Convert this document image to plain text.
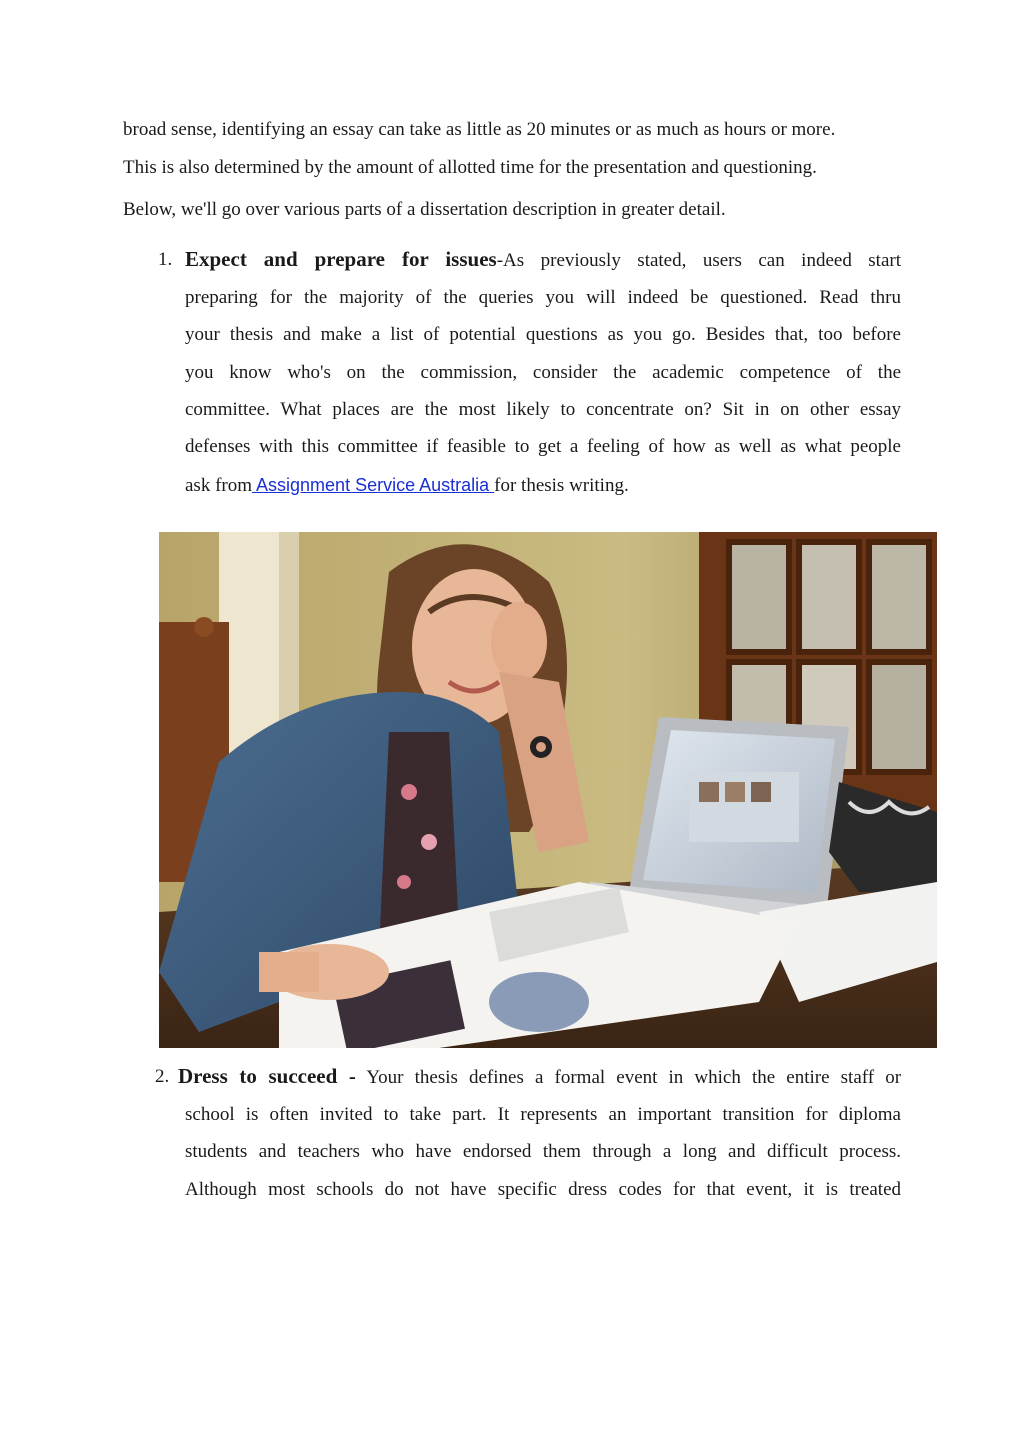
broad sense, identifying an essay can take as little as 20 minutes or as much as hours or more.
This is also determined by the amount of allotted time for the presentation and questioning.
Below, we'll go over various parts of a dissertation description in greater detail.
1. Expect and prepare for issues-As previously stated, users can indeed start
preparing for the majority of the queries you will indeed be questioned. Read thru
your thesis and make a list of potential questions as you go. Besides that, too before
you know who's on the commission, consider the academic competence of the
committee. What places are the most likely to concentrate on? Sit in on other essay
defenses with this committee if feasible to get a feeling of how as well as what people
ask from Assignment Service Australia for thesis writing.
2. Dress to succeed - Your thesis defines a formal event in which the entire staff or
school is often invited to take part. It represents an important transition for diploma
students and teachers who have endorsed them through a long and difficult process.
Although most schools do not have specific dress codes for that event, it is treated
